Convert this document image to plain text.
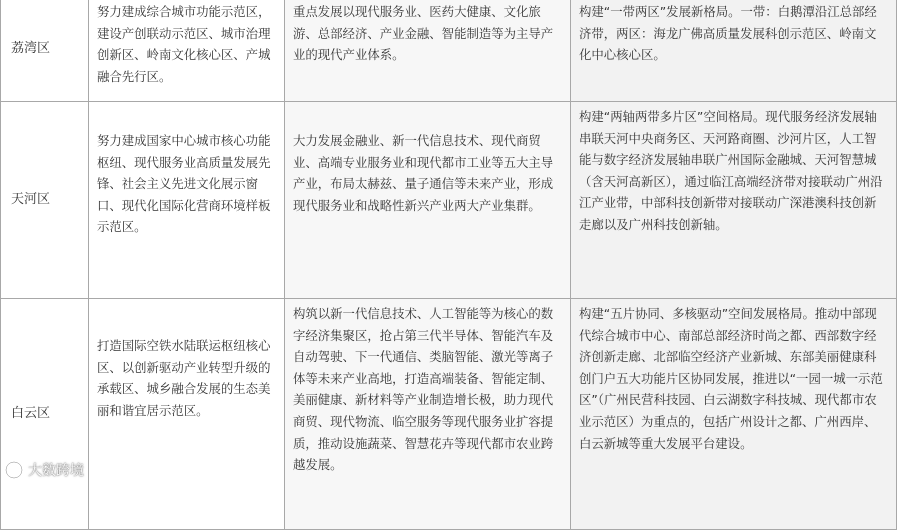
荔湾区	努力建成综合城市功能示范区，建设产创联动示范区、城市治理创新区、岭南文化核心区、产城融合先行区。	重点发展以现代服务业、医药大健康、文化旅游、总部经济、产业金融、智能制造等为主导产业的现代产业体系。	构建“一带两区”发展新格局。一带：白鹅潭沿江总部经济带，两区：海龙广佛高质量发展科创示范区、岭南文化中心核心区。
天河区	努力建成国家中心城市核心功能枢纽、现代服务业高质量发展先锋、社会主义先进文化展示窗口、现代化国际化营商环境样板示范区。	大力发展金融业、新一代信息技术、现代商贸业、高端专业服务业和现代都市工业等五大主导产业，布局太赫兹、量子通信等未来产业，形成现代服务业和战略性新兴产业两大产业集群。	构建“两轴两带多片区”空间格局。现代服务经济发展轴串联天河中央商务区、天河路商圈、沙河片区，人工智能与数字经济发展轴串联广州国际金融城、天河智慧城（含天河高新区），通过临江高端经济带对接联动广州沿江产业带，中部科技创新带对接联动广深港澳科技创新走廊以及广州科技创新轴。
白云区	打造国际空铁水陆联运枢纽核心区、以创新驱动产业转型升级的承载区、城乡融合发展的生态美丽和谐宜居示范区。	构筑以新一代信息技术、人工智能等为核心的数字经济集聚区，抢占第三代半导体、智能汽车及自动驾驶、下一代通信、类脑智能、激光等离子体等未来产业高地，打造高端装备、智能定制、美丽健康、新材料等产业制造增长极，助力现代商贸、现代物流、临空服务等现代服务业扩容提质，推动设施蔬菜、智慧花卉等现代都市农业跨越发展。	构建“五片协同、多核驱动”空间发展格局。推动中部现代综合城市中心、南部总部经济时尚之都、西部数字经济创新走廊、北部临空经济产业新城、东部美丽健康科创门户五大功能片区协同发展，推进以“一园一城一示范区”（广州民营科技园、白云湖数字科技城、现代都市农业示范区）为重点的，包括广州设计之都、广州西岸、白云新城等重大发展平台建设。
大数跨境
